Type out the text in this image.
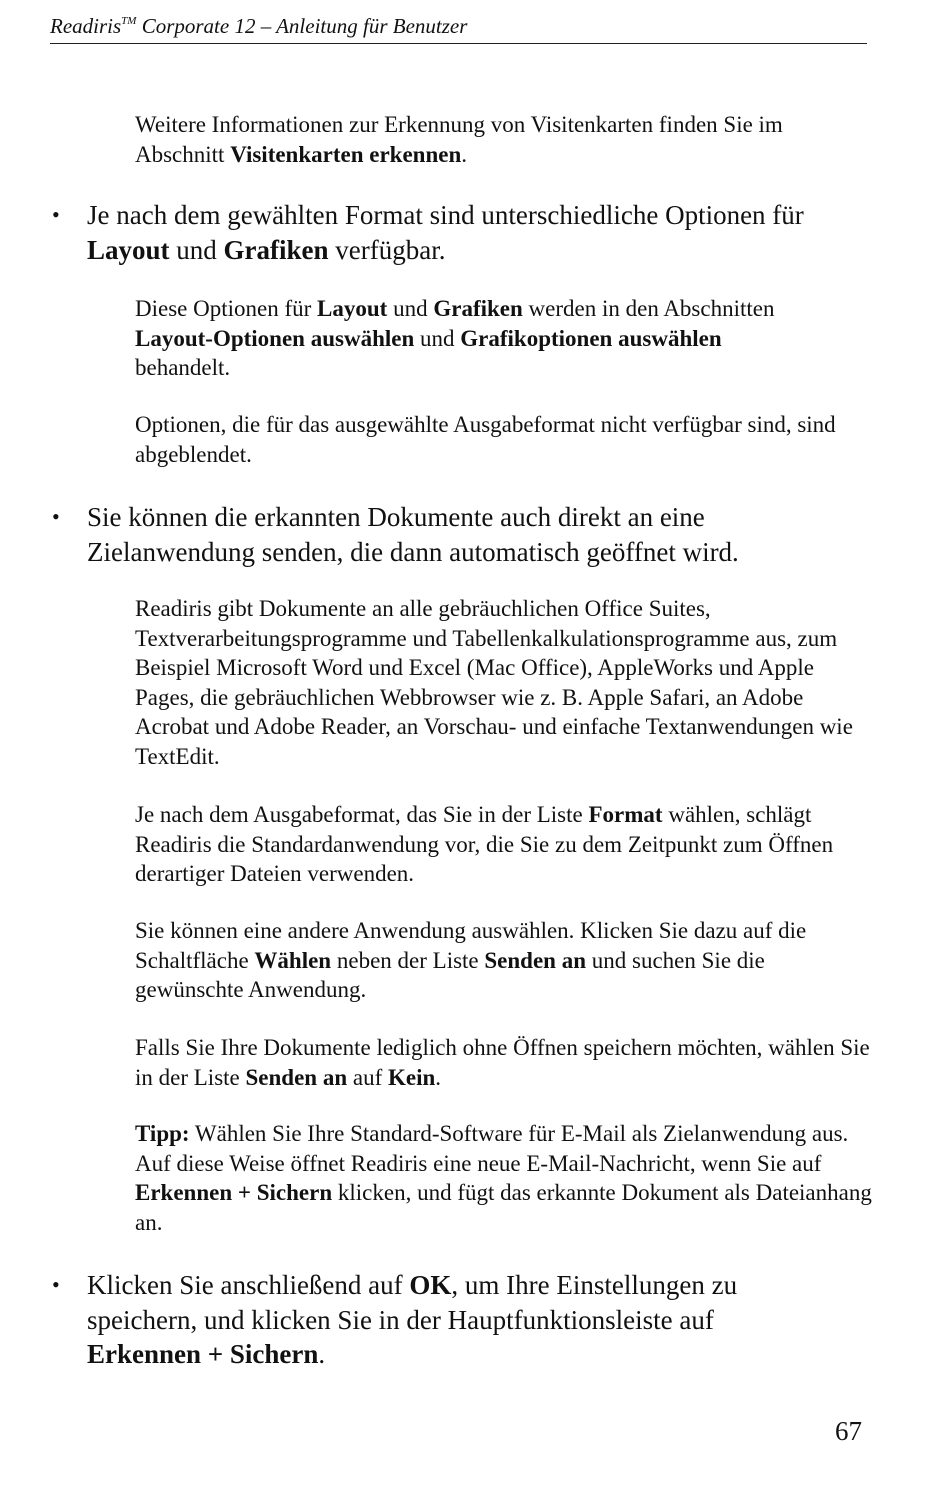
Readiris™ Corporate 12 – Anleitung für Benutzer
Weitere Informationen zur Erkennung von Visitenkarten finden Sie im Abschnitt Visitenkarten erkennen.
• Je nach dem gewählten Format sind unterschiedliche Optionen für Layout und Grafiken verfügbar.
Diese Optionen für Layout und Grafiken werden in den Abschnitten
Layout-Optionen auswählen und Grafikoptionen auswählen
behandelt.
Optionen, die für das ausgewählte Ausgabeformat nicht verfügbar sind, sind abgeblendet.
• Sie können die erkannten Dokumente auch direkt an eine Zielanwendung senden, die dann automatisch geöffnet wird.
Readiris gibt Dokumente an alle gebräuchlichen Office Suites, Textverarbeitungsprogramme und Tabellenkalkulationsprogramme aus, zum Beispiel Microsoft Word und Excel (Mac Office), AppleWorks und Apple Pages, die gebräuchlichen Webbrowser wie z. B. Apple Safari, an Adobe Acrobat und Adobe Reader, an Vorschau- und einfache Textanwendungen wie TextEdit.
Je nach dem Ausgabeformat, das Sie in der Liste Format wählen, schlägt Readiris die Standardanwendung vor, die Sie zu dem Zeitpunkt zum Öffnen derartiger Dateien verwenden.
Sie können eine andere Anwendung auswählen. Klicken Sie dazu auf die Schaltfläche Wählen neben der Liste Senden an und suchen Sie die gewünschte Anwendung.
Falls Sie Ihre Dokumente lediglich ohne Öffnen speichern möchten, wählen Sie in der Liste Senden an auf Kein.
Tipp: Wählen Sie Ihre Standard-Software für E-Mail als Zielanwendung aus. Auf diese Weise öffnet Readiris eine neue E-Mail-Nachricht, wenn Sie auf Erkennen + Sichern klicken, und fügt das erkannte Dokument als Dateianhang an.
• Klicken Sie anschließend auf OK, um Ihre Einstellungen zu speichern, und klicken Sie in der Hauptfunktionsleiste auf
Erkennen + Sichern.
67
